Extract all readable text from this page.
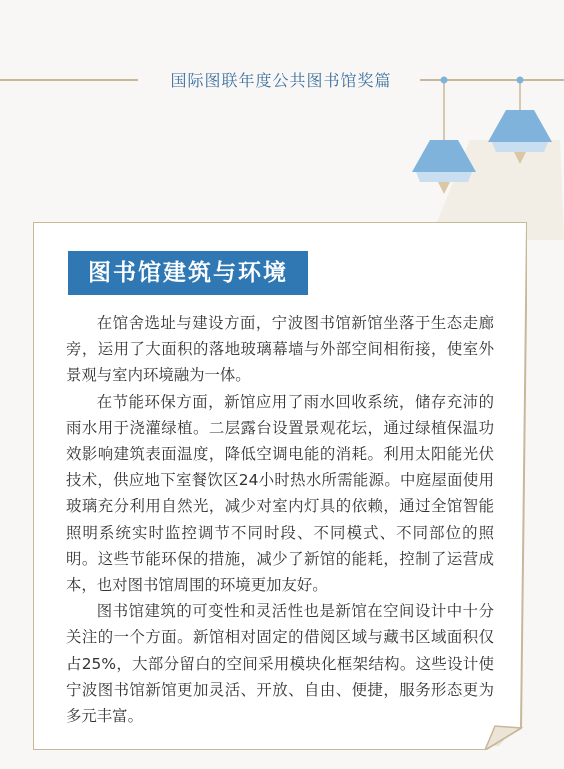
国际图联年度公共图书馆奖篇
图书馆建筑与环境

在馆舍选址与建设方面，宁波图书馆新馆坐落于生态走廊旁，运用了大面积的落地玻璃幕墙与外部空间相衔接，使室外景观与室内环境融为一体。

在节能环保方面，新馆应用了雨水回收系统，储存充沛的雨水用于浇灌绿植。二层露台设置景观花坛，通过绿植保温功效影响建筑表面温度，降低空调电能的消耗。利用太阳能光伏技术，供应地下室餐饮区24小时热水所需能源。中庭屋面使用玻璃充分利用自然光，减少对室内灯具的依赖，通过全馆智能照明系统实时监控调节不同时段、不同模式、不同部位的照明。这些节能环保的措施，减少了新馆的能耗，控制了运营成本，也对图书馆周围的环境更加友好。

图书馆建筑的可变性和灵活性也是新馆在空间设计中十分关注的一个方面。新馆相对固定的借阅区域与藏书区域面积仅占25%，大部分留白的空间采用模块化框架结构。这些设计使宁波图书馆新馆更加灵活、开放、自由、便捷，服务形态更为多元丰富。
